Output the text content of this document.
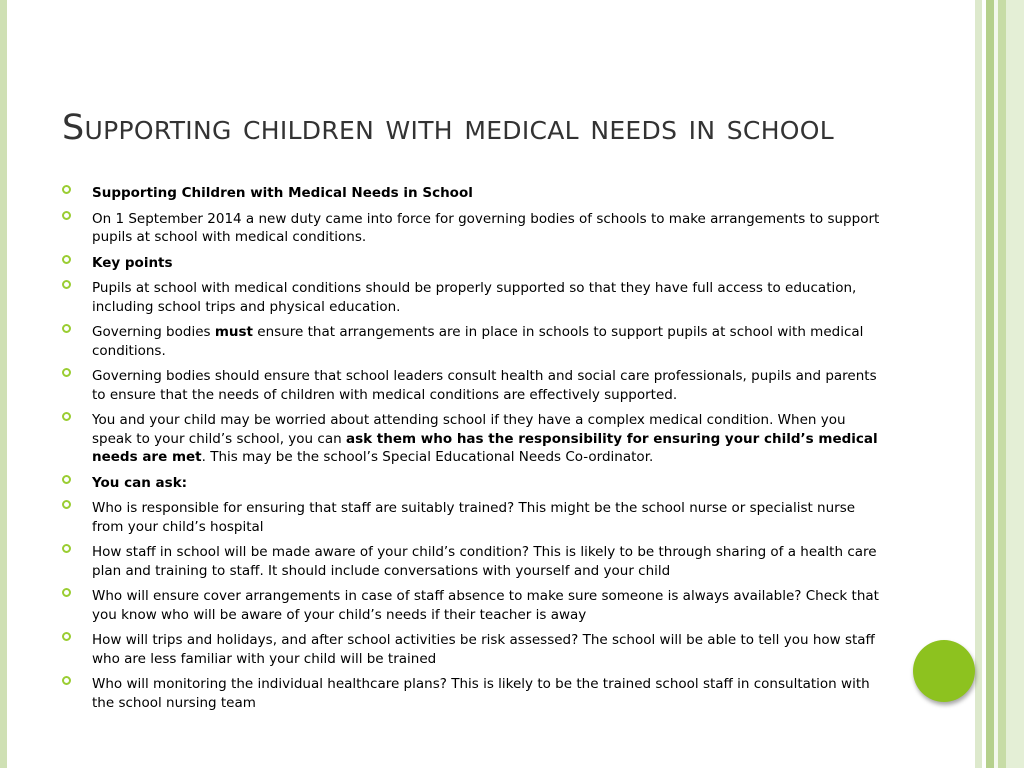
Supporting children with medical needs in school
Supporting Children with Medical Needs in School
On 1 September 2014 a new duty came into force for governing bodies of schools to make arrangements to support pupils at school with medical conditions.
Key points
Pupils at school with medical conditions should be properly supported so that they have full access to education, including school trips and physical education.
Governing bodies must ensure that arrangements are in place in schools to support pupils at school with medical conditions.
Governing bodies should ensure that school leaders consult health and social care professionals, pupils and parents to ensure that the needs of children with medical conditions are effectively supported.
You and your child may be worried about attending school if they have a complex medical condition. When you speak to your child’s school, you can ask them who has the responsibility for ensuring your child’s medical needs are met. This may be the school’s Special Educational Needs Co-ordinator.
You can ask:
Who is responsible for ensuring that staff are suitably trained? This might be the school nurse or specialist nurse from your child’s hospital
How staff in school will be made aware of your child’s condition? This is likely to be through sharing of a health care plan and training to staff. It should include conversations with yourself and your child
Who will ensure cover arrangements in case of staff absence to make sure someone is always available? Check that you know who will be aware of your child’s needs if their teacher is away
How will trips and holidays, and after school activities be risk assessed? The school will be able to tell you how staff who are less familiar with your child will be trained
Who will monitoring the individual healthcare plans? This is likely to be the trained school staff in consultation with the school nursing team
